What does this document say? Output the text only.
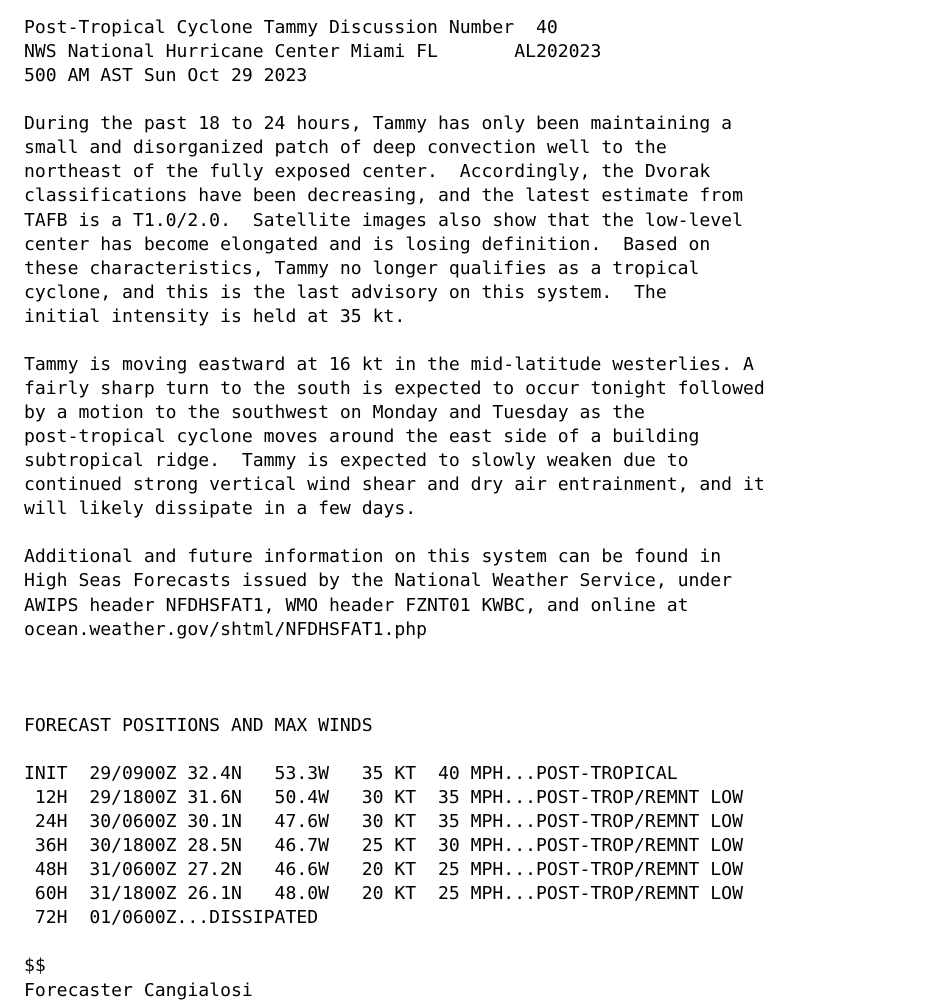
Post-Tropical Cyclone Tammy Discussion Number  40
NWS National Hurricane Center Miami FL       AL202023
500 AM AST Sun Oct 29 2023
During the past 18 to 24 hours, Tammy has only been maintaining a
small and disorganized patch of deep convection well to the
northeast of the fully exposed center.  Accordingly, the Dvorak
classifications have been decreasing, and the latest estimate from
TAFB is a T1.0/2.0.  Satellite images also show that the low-level
center has become elongated and is losing definition.  Based on
these characteristics, Tammy no longer qualifies as a tropical
cyclone, and this is the last advisory on this system.  The
initial intensity is held at 35 kt.
Tammy is moving eastward at 16 kt in the mid-latitude westerlies. A
fairly sharp turn to the south is expected to occur tonight followed
by a motion to the southwest on Monday and Tuesday as the
post-tropical cyclone moves around the east side of a building
subtropical ridge.  Tammy is expected to slowly weaken due to
continued strong vertical wind shear and dry air entrainment, and it
will likely dissipate in a few days.
Additional and future information on this system can be found in
High Seas Forecasts issued by the National Weather Service, under
AWIPS header NFDHSFAT1, WMO header FZNT01 KWBC, and online at
ocean.weather.gov/shtml/NFDHSFAT1.php
FORECAST POSITIONS AND MAX WINDS
INIT  29/0900Z 32.4N   53.3W   35 KT  40 MPH...POST-TROPICAL
12H  29/1800Z 31.6N   50.4W   30 KT  35 MPH...POST-TROP/REMNT LOW
24H  30/0600Z 30.1N   47.6W   30 KT  35 MPH...POST-TROP/REMNT LOW
36H  30/1800Z 28.5N   46.7W   25 KT  30 MPH...POST-TROP/REMNT LOW
48H  31/0600Z 27.2N   46.6W   20 KT  25 MPH...POST-TROP/REMNT LOW
60H  31/1800Z 26.1N   48.0W   20 KT  25 MPH...POST-TROP/REMNT LOW
72H  01/0600Z...DISSIPATED
$$
Forecaster Cangialosi
